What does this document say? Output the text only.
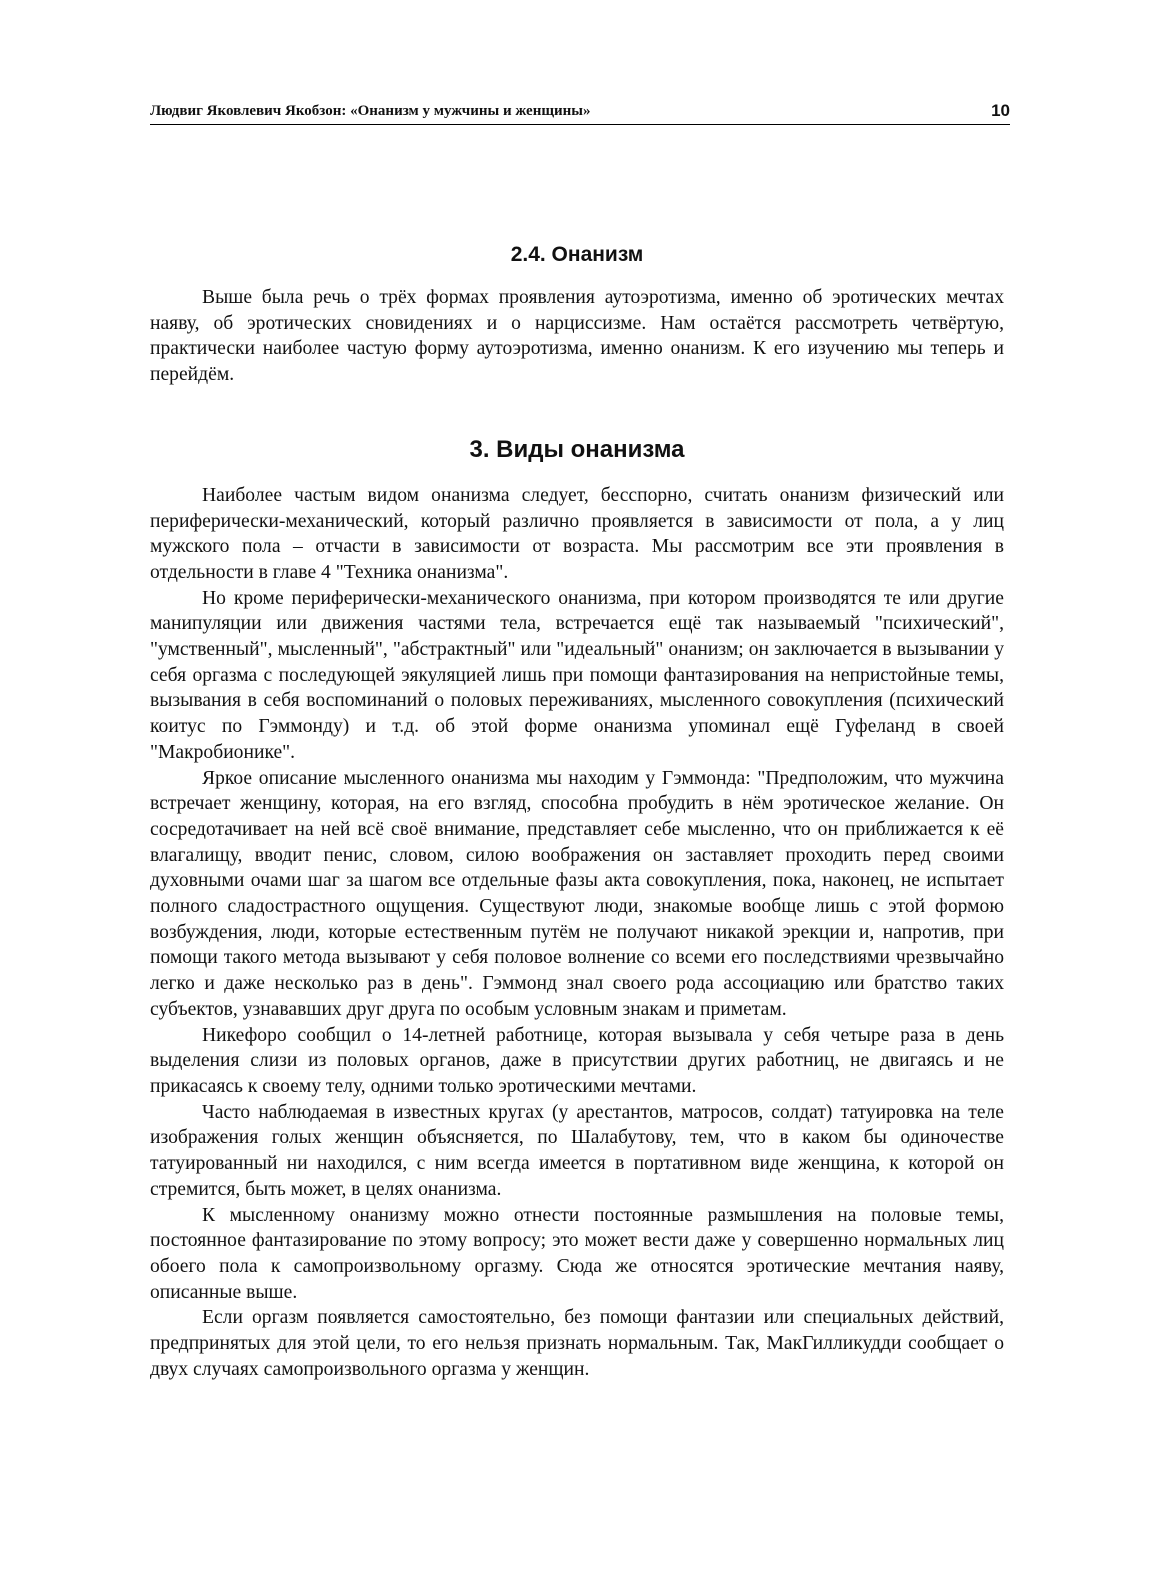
Людвиг Яковлевич Якобзон: «Онанизм у мужчины и женщины»	10
2.4. Онанизм

Выше была речь о трёх формах проявления аутоэротизма, именно об эротических мечтах наяву, об эротических сновидениях и о нарциссизме. Нам остаётся рассмотреть четвёртую, практически наиболее частую форму аутоэротизма, именно онанизм. К его изучению мы теперь и перейдём.

3. Виды онанизма

Наиболее частым видом онанизма следует, бесспорно, считать онанизм физический или периферически-механический, который различно проявляется в зависимости от пола, а у лиц мужского пола – отчасти в зависимости от возраста. Мы рассмотрим все эти проявления в отдельности в главе 4 "Техника онанизма".

Но кроме периферически-механического онанизма, при котором производятся те или другие манипуляции или движения частями тела, встречается ещё так называемый "психический", "умственный", мысленный", "абстрактный" или "идеальный" онанизм; он заключается в вызывании у себя оргазма с последующей эякуляцией лишь при помощи фантазирования на непристойные темы, вызывания в себя воспоминаний о половых переживаниях, мысленного совокупления (психический коитус по Гэммонду) и т.д. об этой форме онанизма упоминал ещё Гуфеланд в своей "Макробионике".

Яркое описание мысленного онанизма мы находим у Гэммонда: "Предположим, что мужчина встречает женщину, которая, на его взгляд, способна пробудить в нём эротическое желание. Он сосредотачивает на ней всё своё внимание, представляет себе мысленно, что он приближается к её влагалищу, вводит пенис, словом, силою воображения он заставляет проходить перед своими духовными очами шаг за шагом все отдельные фазы акта совокупления, пока, наконец, не испытает полного сладострастного ощущения. Существуют люди, знакомые вообще лишь с этой формою возбуждения, люди, которые естественным путём не получают никакой эрекции и, напротив, при помощи такого метода вызывают у себя половое волнение со всеми его последствиями чрезвычайно легко и даже несколько раз в день". Гэммонд знал своего рода ассоциацию или братство таких субъектов, узнававших друг друга по особым условным знакам и приметам.

Никефоро сообщил о 14-летней работнице, которая вызывала у себя четыре раза в день выделения слизи из половых органов, даже в присутствии других работниц, не двигаясь и не прикасаясь к своему телу, одними только эротическими мечтами.

Часто наблюдаемая в известных кругах (у арестантов, матросов, солдат) татуировка на теле изображения голых женщин объясняется, по Шалабутову, тем, что в каком бы одиночестве татуированный ни находился, с ним всегда имеется в портативном виде женщина, к которой он стремится, быть может, в целях онанизма.

К мысленному онанизму можно отнести постоянные размышления на половые темы, постоянное фантазирование по этому вопросу; это может вести даже у совершенно нормальных лиц обоего пола к самопроизвольному оргазму. Сюда же относятся эротические мечтания наяву, описанные выше.

Если оргазм появляется самостоятельно, без помощи фантазии или специальных действий, предпринятых для этой цели, то его нельзя признать нормальным. Так, МакГилликудди сообщает о двух случаях самопроизвольного оргазма у женщин.
